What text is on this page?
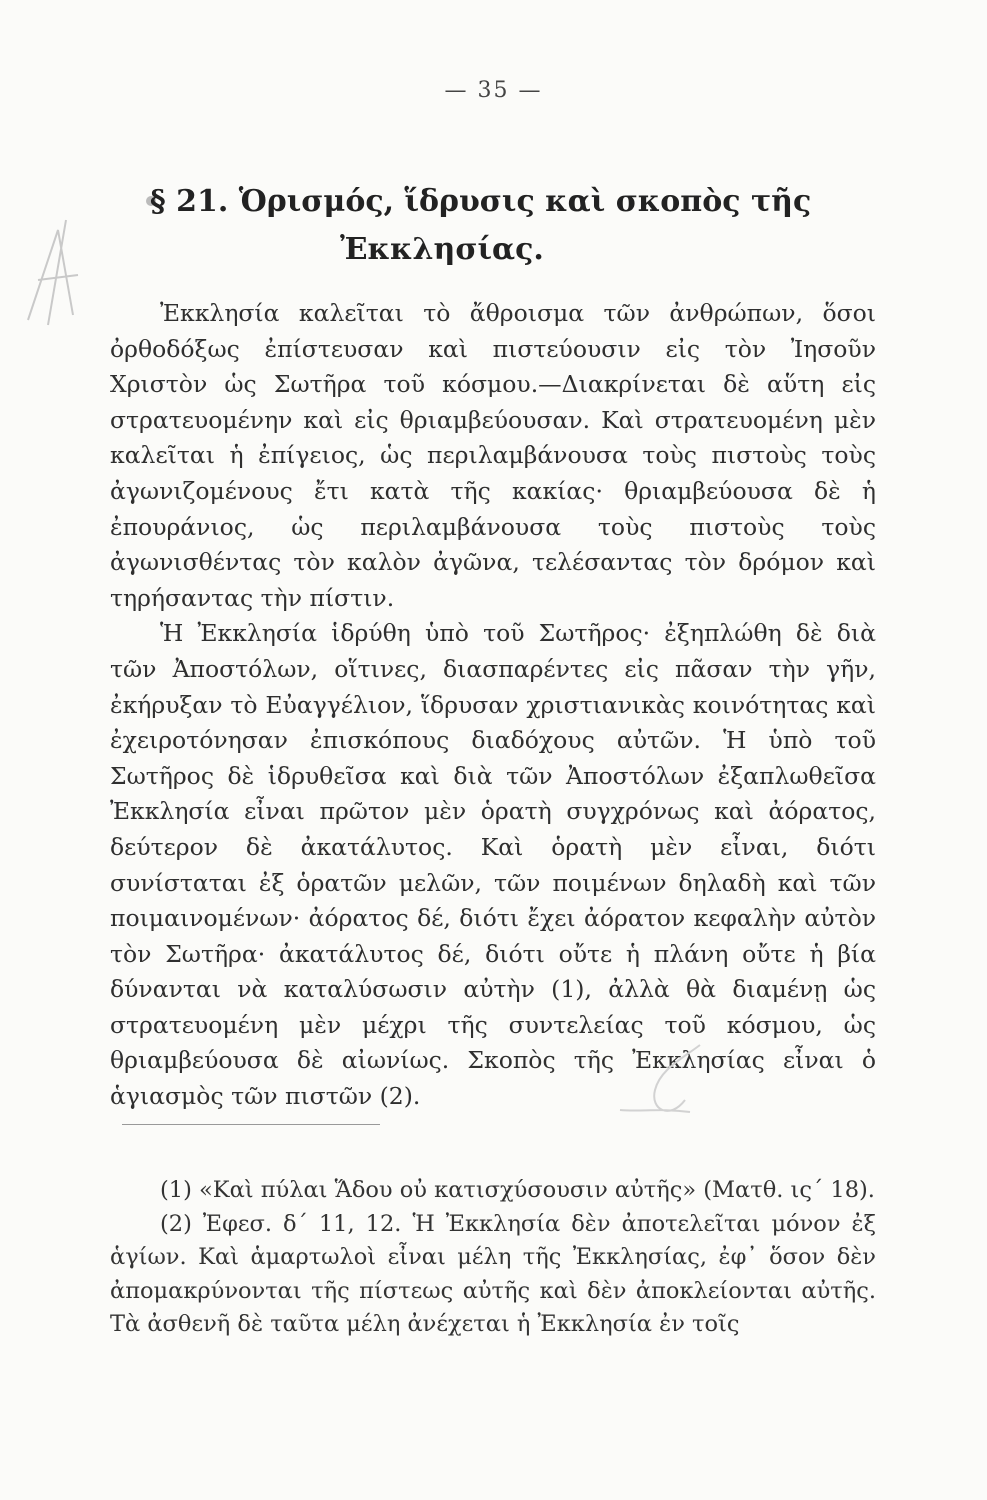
— 35 —
§ 21. Ὁρισμός, ἵδρυσις καὶ σκοπὸς τῆς
Ἐκκλησίας.

Ἐκκλησία καλεῖται τὸ ἄθροισμα τῶν ἀνθρώπων, ὅσοι ὀρθοδόξως ἐπίστευσαν καὶ πιστεύουσιν εἰς τὸν Ἰησοῦν Χριστὸν ὡς Σωτῆρα τοῦ κόσμου.—Διακρίνεται δὲ αὕτη εἰς στρατευομένην καὶ εἰς θριαμβεύουσαν. Καὶ στρατευομένη μὲν καλεῖται ἡ ἐπίγειος, ὡς περιλαμβάνουσα τοὺς πιστοὺς τοὺς ἀγωνιζομένους ἔτι κατὰ τῆς κακίας· θριαμβεύουσα δὲ ἡ ἐπουράνιος, ὡς περιλαμβάνουσα τοὺς πιστοὺς τοὺς ἀγωνισθέντας τὸν καλὸν ἀγῶνα, τελέσαντας τὸν δρόμον καὶ τηρήσαντας τὴν πίστιν.

Ἡ Ἐκκλησία ἱδρύθη ὑπὸ τοῦ Σωτῆρος· ἐξηπλώθη δὲ διὰ τῶν Ἀποστόλων, οἵτινες, διασπαρέντες εἰς πᾶσαν τὴν γῆν, ἐκήρυξαν τὸ Εὐαγγέλιον, ἵδρυσαν χριστιανικὰς κοινότητας καὶ ἐχειροτόνησαν ἐπισκόπους διαδόχους αὐτῶν. Ἡ ὑπὸ τοῦ Σωτῆρος δὲ ἱδρυθεῖσα καὶ διὰ τῶν Ἀποστόλων ἐξαπλωθεῖσα Ἐκκλησία εἶναι πρῶτον μὲν ὁρατὴ συγχρόνως καὶ ἀόρατος, δεύτερον δὲ ἀκατάλυτος. Καὶ ὁρατὴ μὲν εἶναι, διότι συνίσταται ἐξ ὁρατῶν μελῶν, τῶν ποιμένων δηλαδὴ καὶ τῶν ποιμαινομένων· ἀόρατος δέ, διότι ἔχει ἀόρατον κεφαλὴν αὐτὸν τὸν Σωτῆρα· ἀκατάλυτος δέ, διότι οὔτε ἡ πλάνη οὔτε ἡ βία δύνανται νὰ καταλύσωσιν αὐτὴν (1), ἀλλὰ θὰ διαμένῃ ὡς στρατευομένη μὲν μέχρι τῆς συντελείας τοῦ κόσμου, ὡς θριαμβεύουσα δὲ αἰωνίως. Σκοπὸς τῆς Ἐκκλησίας εἶναι ὁ ἁγιασμὸς τῶν πιστῶν (2).

(1) «Καὶ πύλαι Ἅδου οὐ κατισχύσουσιν αὐτῆς» (Ματθ. ις΄ 18).

(2) Ἐφεσ. δ΄ 11, 12. Ἡ Ἐκκλησία δὲν ἀποτελεῖται μόνον ἐξ ἁγίων. Καὶ ἁμαρτωλοὶ εἶναι μέλη τῆς Ἐκκλησίας, ἐφ᾿ ὅσον δὲν ἀπομακρύνονται τῆς πίστεως αὐτῆς καὶ δὲν ἀποκλείονται αὐτῆς. Τὰ ἀσθενῆ δὲ ταῦτα μέλη ἀνέχεται ἡ Ἐκκλησία ἐν τοῖς
